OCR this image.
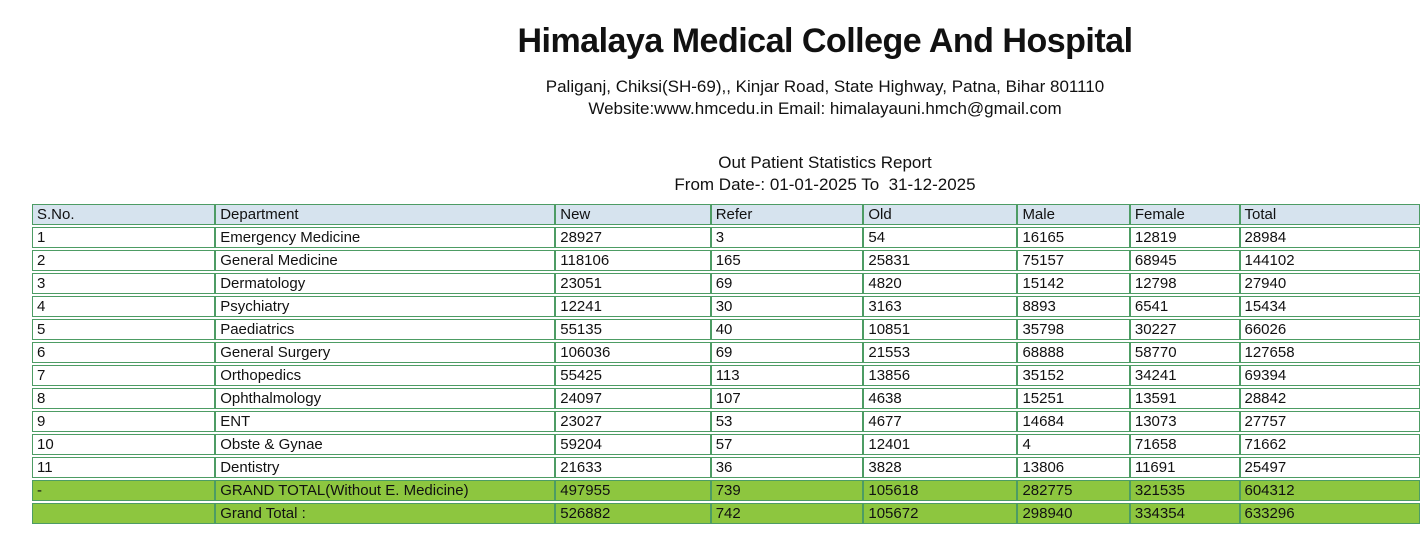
Himalaya Medical College And Hospital
Paliganj, Chiksi(SH-69),, Kinjar Road, State Highway, Patna, Bihar 801110
Website:www.hmcedu.in Email: himalayauni.hmch@gmail.com
Out Patient Statistics Report
From Date-: 01-01-2025 To  31-12-2025
S.No.	Department	New	Refer	Old	Male	Female	Total
1	Emergency Medicine	28927	3	54	16165	12819	28984
2	General Medicine	118106	165	25831	75157	68945	144102
3	Dermatology	23051	69	4820	15142	12798	27940
4	Psychiatry	12241	30	3163	8893	6541	15434
5	Paediatrics	55135	40	10851	35798	30227	66026
6	General Surgery	106036	69	21553	68888	58770	127658
7	Orthopedics	55425	113	13856	35152	34241	69394
8	Ophthalmology	24097	107	4638	15251	13591	28842
9	ENT	23027	53	4677	14684	13073	27757
10	Obste & Gynae	59204	57	12401	4	71658	71662
11	Dentistry	21633	36	3828	13806	11691	25497
-	GRAND TOTAL(Without E. Medicine)	497955	739	105618	282775	321535	604312
	Grand Total :	526882	742	105672	298940	334354	633296
